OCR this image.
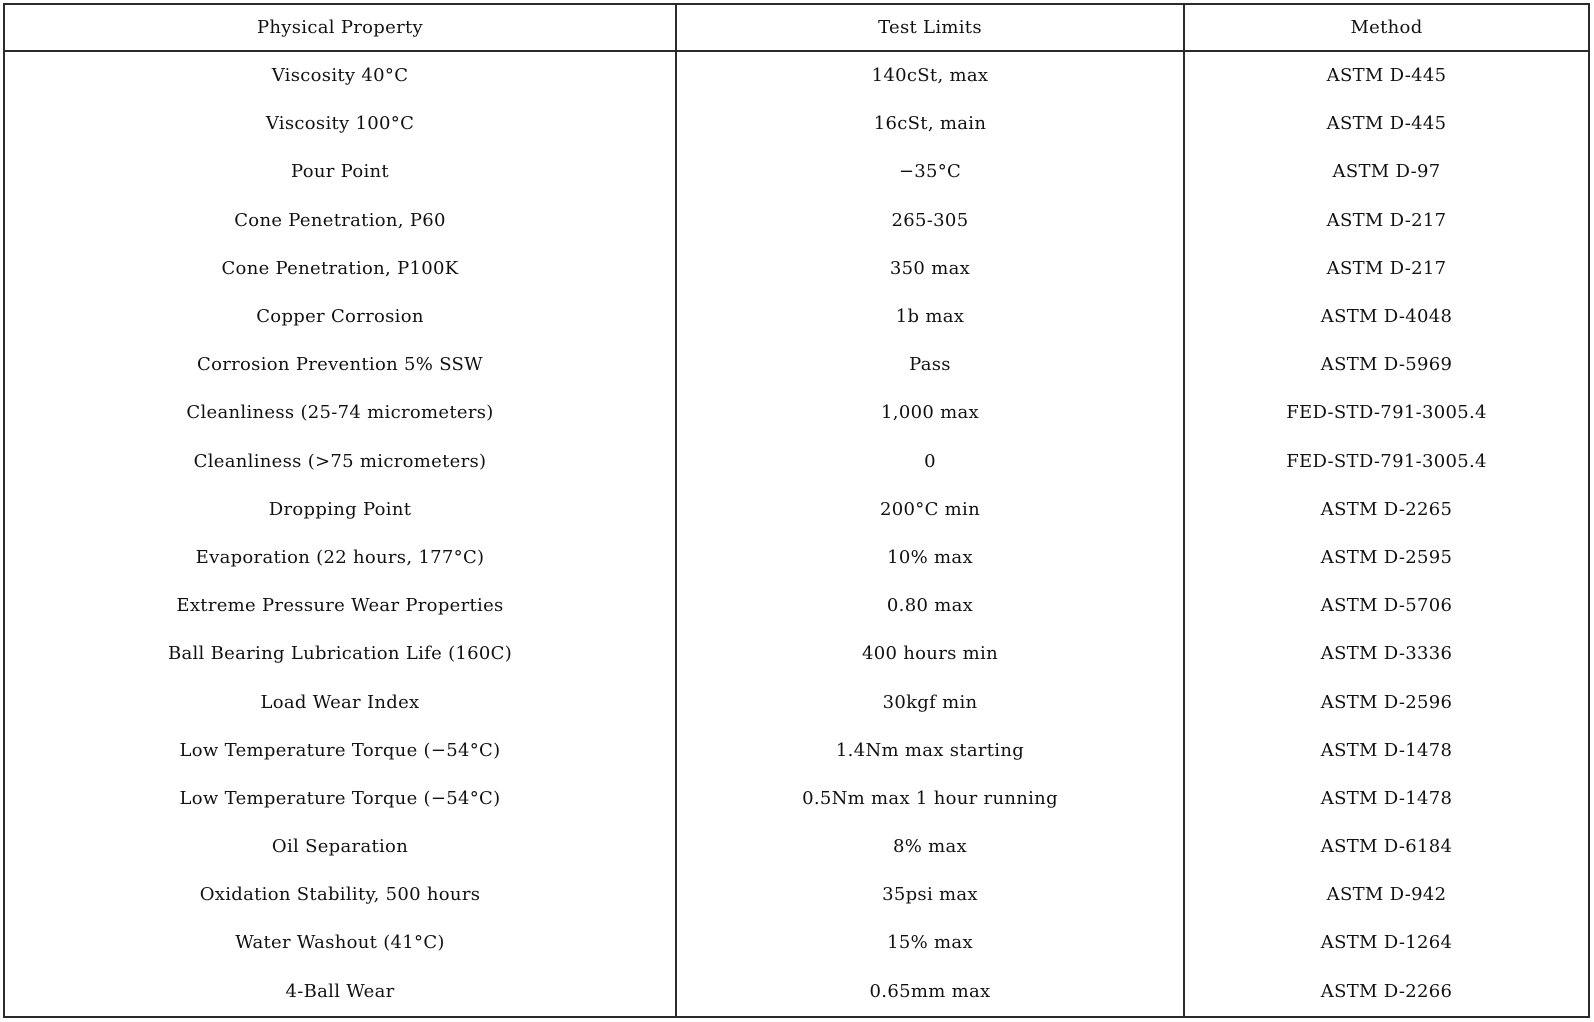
Physical Property	Test Limits	Method
Viscosity 40°C	140cSt, max	ASTM D-445
Viscosity 100°C	16cSt, main	ASTM D-445
Pour Point	−35°C	ASTM D-97
Cone Penetration, P60	265-305	ASTM D-217
Cone Penetration, P100K	350 max	ASTM D-217
Copper Corrosion	1b max	ASTM D-4048
Corrosion Prevention 5% SSW	Pass	ASTM D-5969
Cleanliness (25-74 micrometers)	1,000 max	FED-STD-791-3005.4
Cleanliness (>75 micrometers)	0	FED-STD-791-3005.4
Dropping Point	200°C min	ASTM D-2265
Evaporation (22 hours, 177°C)	10% max	ASTM D-2595
Extreme Pressure Wear Properties	0.80 max	ASTM D-5706
Ball Bearing Lubrication Life (160C)	400 hours min	ASTM D-3336
Load Wear Index	30kgf min	ASTM D-2596
Low Temperature Torque (−54°C)	1.4Nm max starting	ASTM D-1478
Low Temperature Torque (−54°C)	0.5Nm max 1 hour running	ASTM D-1478
Oil Separation	8% max	ASTM D-6184
Oxidation Stability, 500 hours	35psi max	ASTM D-942
Water Washout (41°C)	15% max	ASTM D-1264
4-Ball Wear	0.65mm max	ASTM D-2266
